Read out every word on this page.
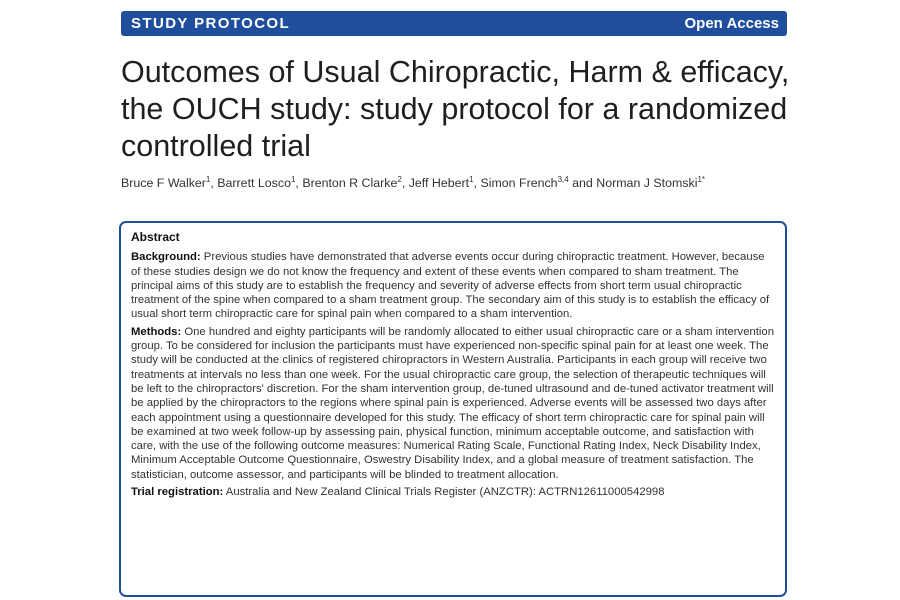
STUDY PROTOCOL	Open Access
Outcomes of Usual Chiropractic, Harm & efficacy, the OUCH study: study protocol for a randomized controlled trial
Bruce F Walker$^1$, Barrett Losco$^1$, Brenton R Clarke$^2$, Jeff Hebert$^1$, Simon French$^{3,4}$ and Norman J Stomski$^{1*}$
Abstract

Background: Previous studies have demonstrated that adverse events occur during chiropractic treatment. However, because of these studies design we do not know the frequency and extent of these events when compared to sham treatment. The principal aims of this study are to establish the frequency and severity of adverse effects from short term usual chiropractic treatment of the spine when compared to a sham treatment group. The secondary aim of this study is to establish the efficacy of usual short term chiropractic care for spinal pain when compared to a sham intervention.

Methods: One hundred and eighty participants will be randomly allocated to either usual chiropractic care or a sham intervention group. To be considered for inclusion the participants must have experienced non-specific spinal pain for at least one week. The study will be conducted at the clinics of registered chiropractors in Western Australia. Participants in each group will receive two treatments at intervals no less than one week. For the usual chiropractic care group, the selection of therapeutic techniques will be left to the chiropractors' discretion. For the sham intervention group, de-tuned ultrasound and de-tuned activator treatment will be applied by the chiropractors to the regions where spinal pain is experienced. Adverse events will be assessed two days after each appointment using a questionnaire developed for this study. The efficacy of short term chiropractic care for spinal pain will be examined at two week follow-up by assessing pain, physical function, minimum acceptable outcome, and satisfaction with care, with the use of the following outcome measures: Numerical Rating Scale, Functional Rating Index, Neck Disability Index, Minimum Acceptable Outcome Questionnaire, Oswestry Disability Index, and a global measure of treatment satisfaction. The statistician, outcome assessor, and participants will be blinded to treatment allocation.

Trial registration: Australia and New Zealand Clinical Trials Register (ANZCTR): ACTRN12611000542998
